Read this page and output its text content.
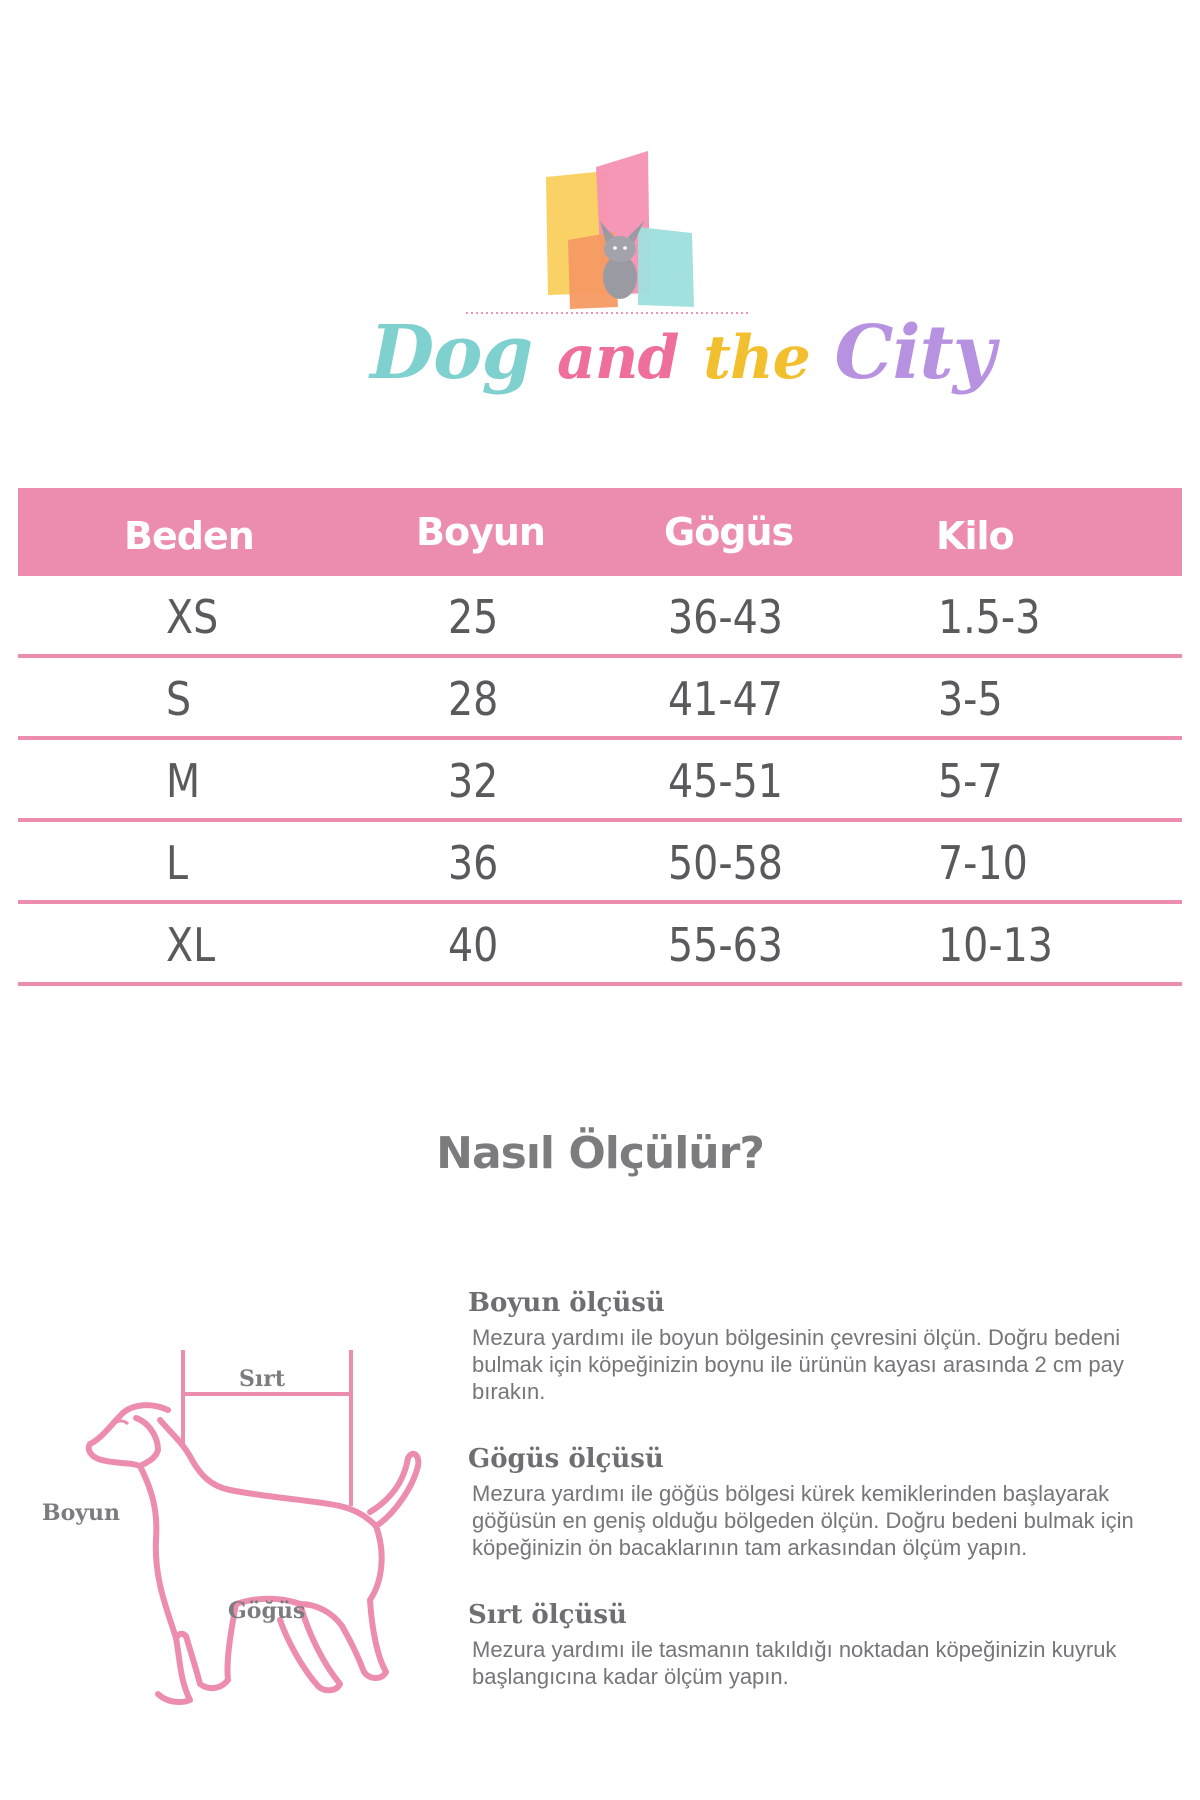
Dog and the City
Beden	Boyun	Gögüs	Kilo
XS	25	36-43	1.5-3
S	28	41-47	3-5
M	32	45-51	5-7
L	36	50-58	7-10
XL	40	55-63	10-13
Nasıl Ölçülür?
Sırt
Boyun
Göğüs

Boyun ölçüsü

Mezura yardımı ile boyun bölgesinin çevresini ölçün. Doğru bedeni bulmak için köpeğinizin boynu ile ürünün kayası arasında 2 cm pay bırakın.

Gögüs ölçüsü

Mezura yardımı ile göğüs bölgesi kürek kemiklerinden başlayarak göğüsün en geniş olduğu bölgeden ölçün. Doğru bedeni bulmak için köpeğinizin ön bacaklarının tam arkasından ölçüm yapın.

Sırt ölçüsü

Mezura yardımı ile tasmanın takıldığı noktadan köpeğinizin kuyruk başlangıcına kadar ölçüm yapın.
